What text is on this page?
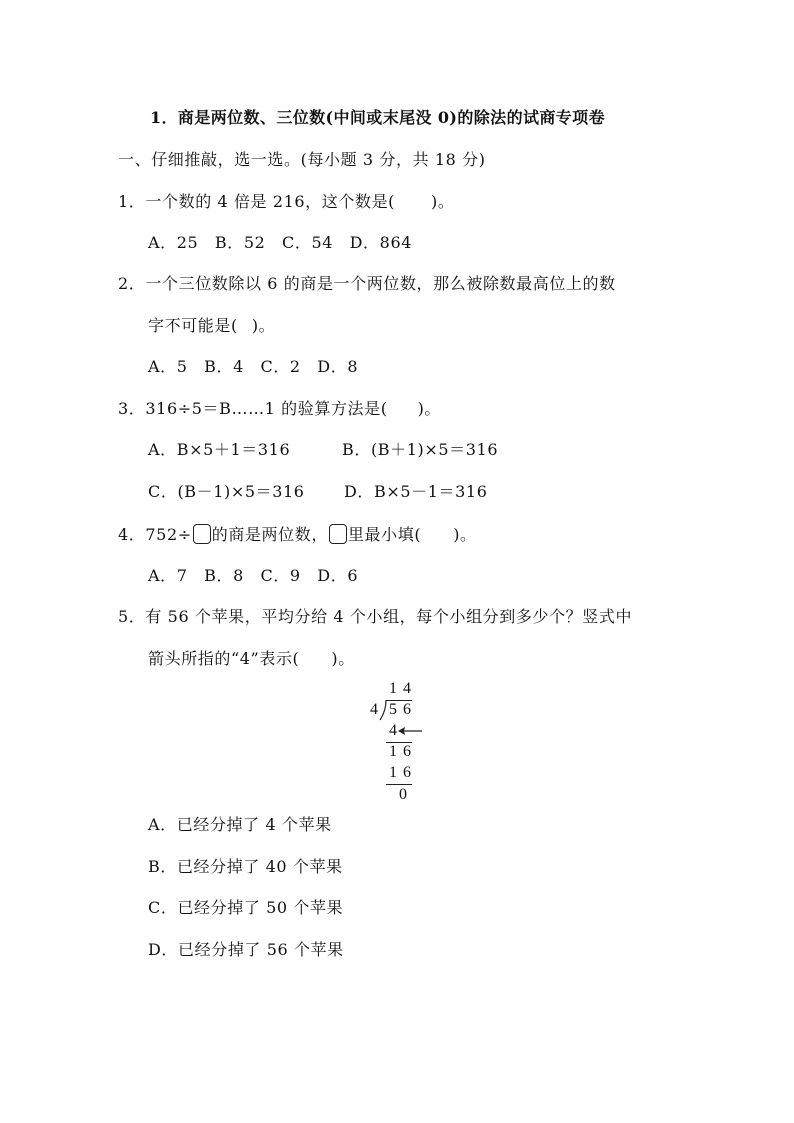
1．商是两位数、三位数(中间或末尾没 0)的除法的试商专项卷
一、仔细推敲，选一选。(每小题 3 分，共 18 分)
1．一个数的 4 倍是 216，这个数是( )。
A．25　B．52　C．54　D．864
2．一个三位数除以 6 的商是一个两位数，那么被除数最高位上的数
字不可能是( )。
A．5　B．4　C．2　D．8
3．316÷5＝B……1 的验算方法是( )。
A．B×5＋1＝316	B．(B＋1)×5＝316
C．(B－1)×5＝316 D．B×5－1＝316
4．752÷ 的商是两位数， 里最小填( )。
A．7　B．8　C．9　D．6
5．有 56 个苹果，平均分给 4 个小组，每个小组分到多少个？竖式中
箭头所指的“4”表示( )。
1 4
4 5 6
4
1 6
1 6
0
A．已经分掉了 4 个苹果
B．已经分掉了 40 个苹果
C．已经分掉了 50 个苹果
D．已经分掉了 56 个苹果
